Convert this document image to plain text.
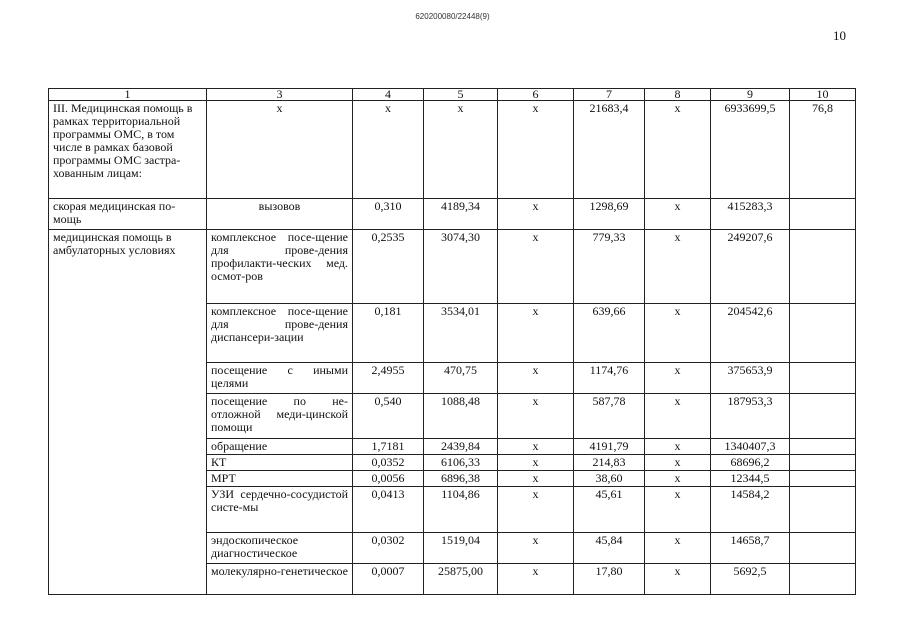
620200080/22448(9)
10
1	3	4	5	6	7	8	9	10
III. Медицинская помощь в рамках территориальной программы ОМС, в том числе в рамках базовой программы ОМС застра-хованным лицам:	x	x	x	x	21683,4	x	6933699,5	76,8
скорая медицинская по-мощь	вызовов	0,310	4189,34	x	1298,69	x	415283,3	
медицинская помощь в амбулаторных условиях	комплексное посе-щение для прове-дения профилакти-ческих мед. осмот-ров	0,2535	3074,30	x	779,33	x	249207,6	
	комплексное посе-щение для прове-дения диспансери-зации	0,181	3534,01	x	639,66	x	204542,6	
	посещение с иными целями	2,4955	470,75	x	1174,76	x	375653,9	
	посещение по не-отложной меди-цинской помощи	0,540	1088,48	x	587,78	x	187953,3	
	обращение	1,7181	2439,84	x	4191,79	x	1340407,3	
	КТ	0,0352	6106,33	x	214,83	x	68696,2	
	МРТ	0,0056	6896,38	x	38,60	x	12344,5	
	УЗИ сердечно-сосудистой систе-мы	0,0413	1104,86	x	45,61	x	14584,2	
	эндоскопическое диагностическое	0,0302	1519,04	x	45,84	x	14658,7	
	молекулярно-генетическое	0,0007	25875,00	x	17,80	x	5692,5	
